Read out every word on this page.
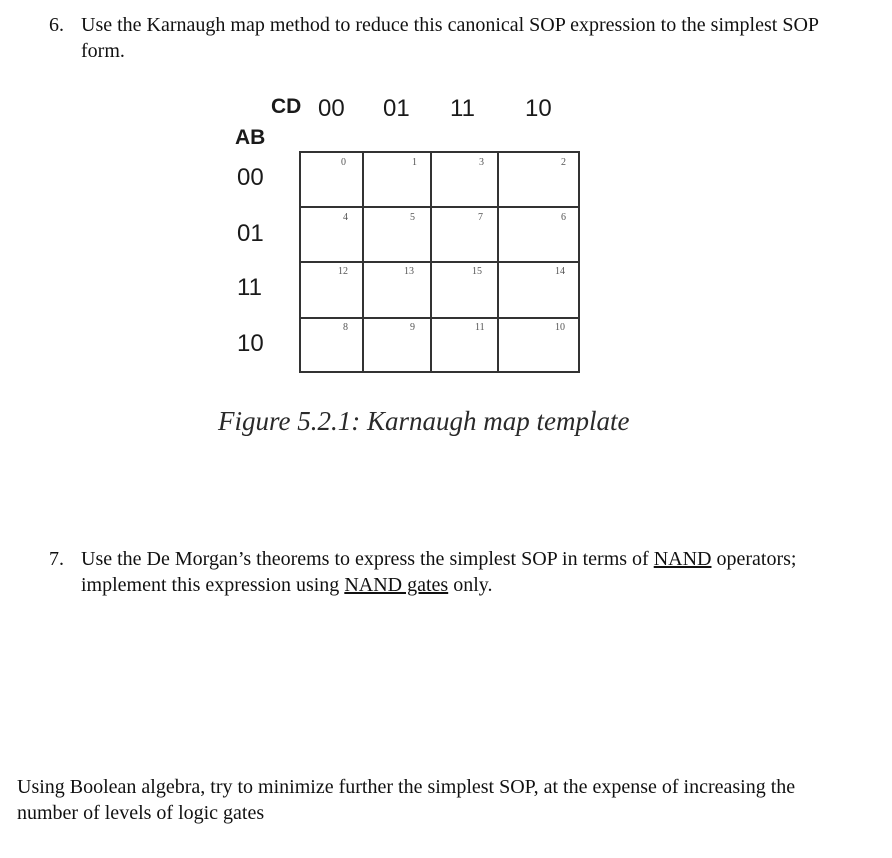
6. Use the Karnaugh map method to reduce this canonical SOP expression to the simplest SOP form.
CD 00 01 11 10
AB
00
01
11
10
0	1	3	2
4	5	7	6
12	13	15	14
8	9	11	10
Figure 5.2.1: Karnaugh map template
7. Use the De Morgan’s theorems to express the simplest SOP in terms of NAND operators; implement this expression using NAND gates only.
Using Boolean algebra, try to minimize further the simplest SOP, at the expense of increasing the number of levels of logic gates
